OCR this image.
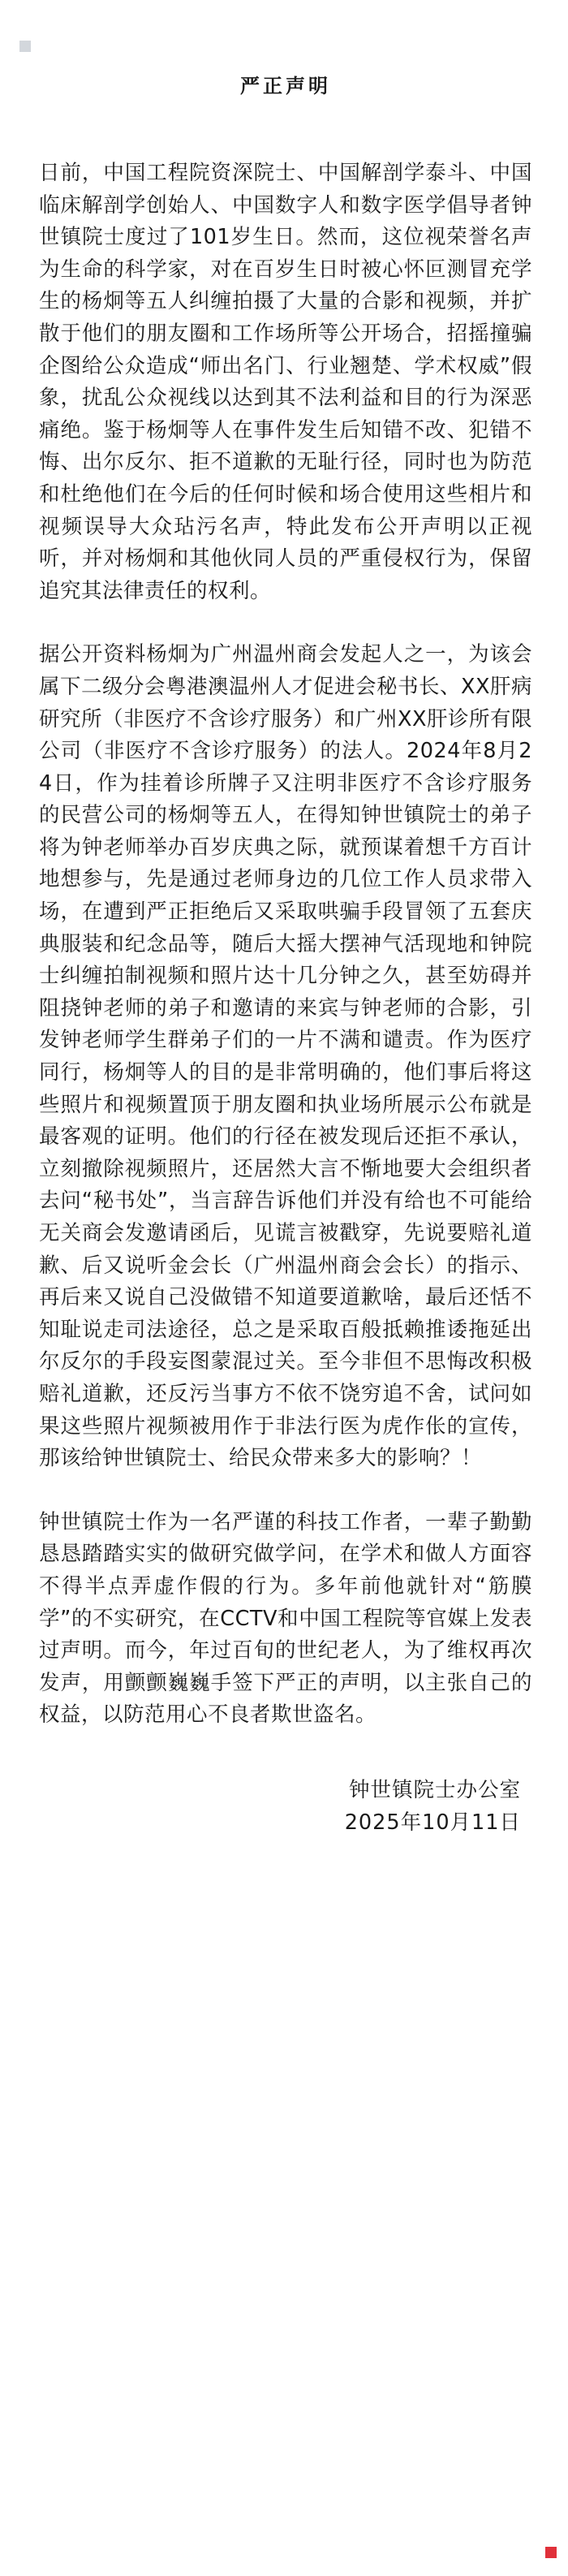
严正声明

日前，中国工程院资深院士、中国解剖学泰斗、中国临床解剖学创始人、中国数字人和数字医学倡导者钟世镇院士度过了101岁生日。然而，这位视荣誉名声为生命的科学家，对在百岁生日时被心怀叵测冒充学生的杨炯等五人纠缠拍摄了大量的合影和视频，并扩散于他们的朋友圈和工作场所等公开场合，招摇撞骗企图给公众造成“师出名门、行业翘楚、学术权威”假象，扰乱公众视线以达到其不法利益和目的行为深恶痛绝。鉴于杨炯等人在事件发生后知错不改、犯错不悔、出尔反尔、拒不道歉的无耻行径，同时也为防范和杜绝他们在今后的任何时候和场合使用这些相片和视频误导大众玷污名声，特此发布公开声明以正视听，并对杨炯和其他伙同人员的严重侵权行为，保留追究其法律责任的权利。

据公开资料杨炯为广州温州商会发起人之一，为该会属下二级分会粤港澳温州人才促进会秘书长、XX肝病研究所（非医疗不含诊疗服务）和广州XX肝诊所有限公司（非医疗不含诊疗服务）的法人。2024年8月24日，作为挂着诊所牌子又注明非医疗不含诊疗服务的民营公司的杨炯等五人，在得知钟世镇院士的弟子将为钟老师举办百岁庆典之际，就预谋着想千方百计地想参与，先是通过老师身边的几位工作人员求带入场，在遭到严正拒绝后又采取哄骗手段冒领了五套庆典服装和纪念品等，随后大摇大摆神气活现地和钟院士纠缠拍制视频和照片达十几分钟之久，甚至妨碍并阻挠钟老师的弟子和邀请的来宾与钟老师的合影，引发钟老师学生群弟子们的一片不满和谴责。作为医疗同行，杨炯等人的目的是非常明确的，他们事后将这些照片和视频置顶于朋友圈和执业场所展示公布就是最客观的证明。他们的行径在被发现后还拒不承认，立刻撤除视频照片，还居然大言不惭地要大会组织者去问“秘书处”，当言辞告诉他们并没有给也不可能给无关商会发邀请函后，见谎言被戳穿，先说要赔礼道歉、后又说听金会长（广州温州商会会长）的指示、再后来又说自己没做错不知道要道歉啥，最后还恬不知耻说走司法途径，总之是采取百般抵赖推诿拖延出尔反尔的手段妄图蒙混过关。至今非但不思悔改积极赔礼道歉，还反污当事方不依不饶穷追不舍，试问如果这些照片视频被用作于非法行医为虎作伥的宣传，那该给钟世镇院士、给民众带来多大的影响？！

钟世镇院士作为一名严谨的科技工作者，一辈子勤勤恳恳踏踏实实的做研究做学问，在学术和做人方面容不得半点弄虚作假的行为。多年前他就针对“筋膜学”的不实研究，在CCTV和中国工程院等官媒上发表过声明。而今，年过百旬的世纪老人，为了维权再次发声，用颤颤巍巍手签下严正的声明，以主张自己的权益，以防范用心不良者欺世盗名。

钟世镇院士办公室
2025年10月11日
